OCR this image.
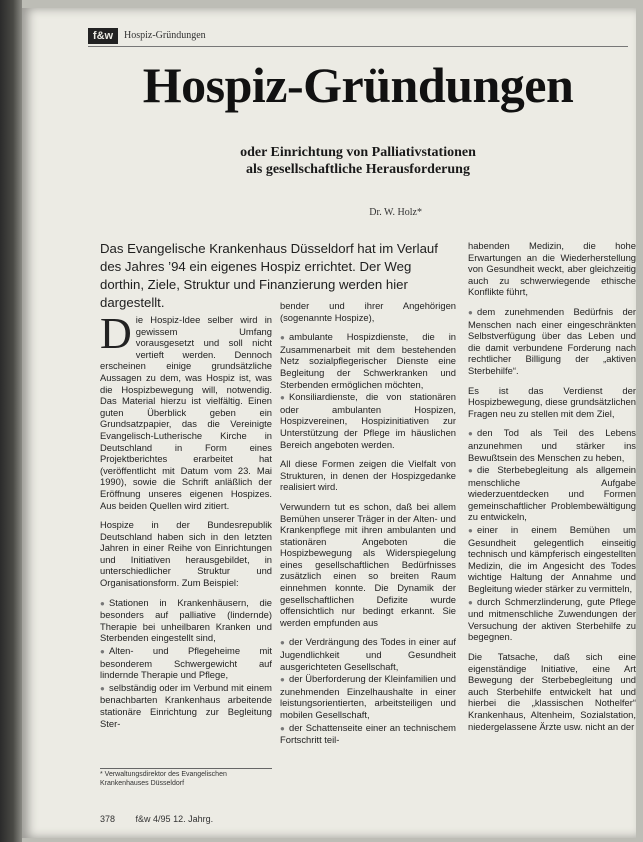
f&w	Hospiz-Gründungen
Hospiz-Gründungen
oder Einrichtung von Palliativstationen
als gesellschaftliche Herausforderung
Dr. W. Holz*
Das Evangelische Krankenhaus Düsseldorf hat im Verlauf des Jahres ’94 ein eigenes Hospiz errichtet. Der Weg dorthin, Ziele, Struktur und Finanzierung werden hier dargestellt.

Die Hospiz-Idee selber wird in gewissem Umfang vorausgesetzt und soll nicht vertieft werden. Dennoch erscheinen einige grundsätzliche Aussagen zu dem, was Hospiz ist, was die Hospizbewegung will, notwendig. Das Material hierzu ist vielfältig. Einen guten Überblick geben ein Grundsatzpapier, das die Vereinigte Evangelisch-Lutherische Kirche in Deutschland in Form eines Projektberichtes erarbeitet hat (veröffentlicht mit Datum vom 23. Mai 1990), sowie die Schrift anläßlich der Eröffnung unseres eigenen Hospizes. Aus beiden Quellen wird zitiert.

Hospize in der Bundesrepublik Deutschland haben sich in den letzten Jahren in einer Reihe von Einrichtungen und Initiativen herausgebildet, in unterschiedlicher Struktur und Organisationsform. Zum Beispiel:

● Stationen in Krankenhäusern, die besonders auf palliative (lindernde) Therapie bei unheilbaren Kranken und Sterbenden eingestellt sind,
● Alten- und Pflegeheime mit besonderem Schwergewicht auf lindernde Therapie und Pflege,
● selbständig oder im Verbund mit einem benachbarten Krankenhaus arbeitende stationäre Einrichtung zur Begleitung Ster-

bender und ihrer Angehörigen (sogenannte Hospize),

● ambulante Hospizdienste, die in Zusammenarbeit mit dem bestehenden Netz sozialpflegerischer Dienste eine Begleitung der Schwerkranken und Sterbenden ermöglichen möchten,
● Konsiliardienste, die von stationären oder ambulanten Hospizen, Hospizvereinen, Hospizinitiativen zur Unterstützung der Pflege im häuslichen Bereich angeboten werden.

All diese Formen zeigen die Vielfalt von Strukturen, in denen der Hospizgedanke realisiert wird.

Verwundern tut es schon, daß bei allem Bemühen unserer Träger in der Alten- und Krankenpflege mit ihren ambulanten und stationären Angeboten die Hospizbewegung als Widerspiegelung eines gesellschaftlichen Bedürfnisses zusätzlich einen so breiten Raum einnehmen konnte. Die Dynamik der gesellschaftlichen Defizite wurde offensichtlich nur bedingt erkannt. Sie werden empfunden aus

● der Verdrängung des Todes in einer auf Jugendlichkeit und Gesundheit ausgerichteten Gesellschaft,
● der Überforderung der Kleinfamilien und zunehmenden Einzelhaushalte in einer leistungsorientierten, arbeitsteiligen und mobilen Gesellschaft,
● der Schattenseite einer an technischem Fortschritt teil-

habenden Medizin, die hohe Erwartungen an die Wiederherstellung von Gesundheit weckt, aber gleichzeitig auch zu schwerwiegende ethische Konflikte führt,

● dem zunehmenden Bedürfnis der Menschen nach einer eingeschränkten Selbstverfügung über das Leben und die damit verbundene Forderung nach rechtlicher Billigung der „aktiven Sterbehilfe“.

Es ist das Verdienst der Hospizbewegung, diese grundsätzlichen Fragen neu zu stellen mit dem Ziel,

● den Tod als Teil des Lebens anzunehmen und stärker ins Bewußtsein des Menschen zu heben,
● die Sterbebegleitung als allgemein menschliche Aufgabe wiederzuentdecken und Formen gemeinschaftlicher Problembewältigung zu entwickeln,
● einer in einem Bemühen um Gesundheit gelegentlich einseitig technisch und kämpferisch eingestellten Medizin, die im Angesicht des Todes wichtige Haltung der Annahme und Begleitung wieder stärker zu vermitteln,
● durch Schmerzlinderung, gute Pflege und mitmenschliche Zuwendungen der Versuchung der aktiven Sterbehilfe zu begegnen.

Die Tatsache, daß sich eine eigenständige Initiative, eine Art Bewegung der Sterbebegleitung und auch Sterbehilfe entwickelt hat und hierbei die „klassischen Nothelfer“ Krankenhaus, Altenheim, Sozialstation, niedergelassene Ärzte usw. nicht an der

* Verwaltungsdirektor des Evangelischen Krankenhauses Düsseldorf
378 f&w 4/95 12. Jahrg.
